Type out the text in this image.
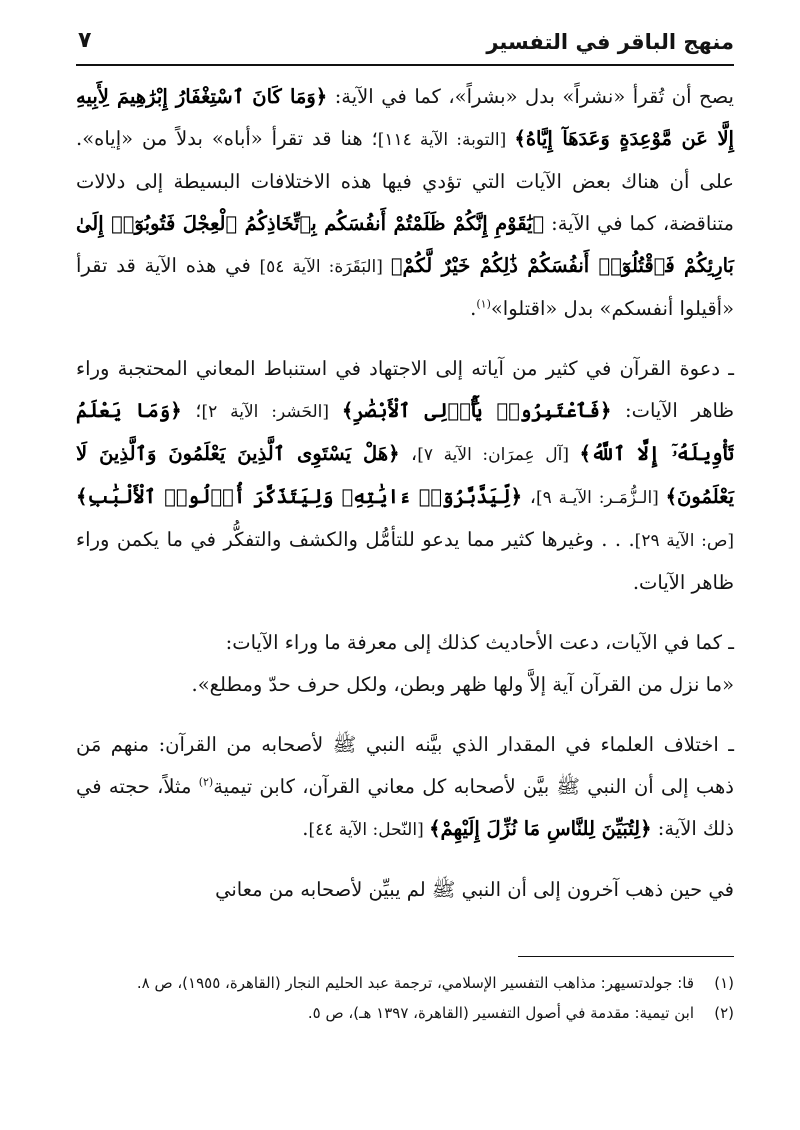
منهج الباقر في التفسير
٧

يصح أن تُقرأ «نشراً» بدل «بشراً»، كما في الآية: ﴿وَمَا كَانَ ٱسْتِغْفَارُ إِبْرَٰهِيمَ لِأَبِيهِ إِلَّا عَن مَّوْعِدَةٍ وَعَدَهَآ إِيَّاهُ﴾ [التوبة: الآية ١١٤]؛ هنا قد تقرأ «أباه» بدلاً من «إياه». على أن هناك بعض الآيات التي تؤدي فيها هذه الاختلافات البسيطة إلى دلالات متناقضة، كما في الآية: ﴿يَٰقَوْمِ إِنَّكُمْ ظَلَمْتُمْ أَنفُسَكُم بِٱتِّخَاذِكُمُ ٱلْعِجْلَ فَتُوبُوٓا۟ إِلَىٰ بَارِئِكُمْ فَٱقْتُلُوٓا۟ أَنفُسَكُمْ ذَٰلِكُمْ خَيْرٌ لَّكُمْ﴾ [البَقَرَة: الآية ٥٤] في هذه الآية قد تقرأ «أقيلوا أنفسكم» بدل «اقتلوا»$^{(١)}$.

ـ دعوة القرآن في كثير من آياته إلى الاجتهاد في استنباط المعاني المحتجبة وراء ظاهر الآيات: ﴿فَٱعْتَبِرُوا۟ يَٰٓأُو۟لِى ٱلْأَبْصَٰرِ﴾ [الحَشر: الآية ٢]؛ ﴿وَمَا يَعْلَمُ تَأْوِيلَهُۥٓ إِلَّا ٱللَّهُ﴾ [آل عِمرَان: الآية ٧]، ﴿هَلْ يَسْتَوِى ٱلَّذِينَ يَعْلَمُونَ وَٱلَّذِينَ لَا يَعْلَمُونَ﴾ [الـزُّمَـر: الآيـة ٩]، ﴿لِّيَدَّبَّرُوٓا۟ ءَايَٰتِهِۦ وَلِيَتَذَكَّرَ أُو۟لُوا۟ ٱلْأَلْبَٰبِ﴾ [ص: الآية ٢٩]. . . وغيرها كثير مما يدعو للتأمُّل والكشف والتفكُّر في ما يكمن وراء ظاهر الآيات.

ـ كما في الآيات، دعت الأحاديث كذلك إلى معرفة ما وراء الآيات:
«ما نزل من القرآن آية إلاَّ ولها ظهر وبطن، ولكل حرف حدّ ومطلع».

ـ اختلاف العلماء في المقدار الذي بيَّنه النبي ﷺ لأصحابه من القرآن: منهم مَن ذهب إلى أن النبي ﷺ بيَّن لأصحابه كل معاني القرآن، كابن تيمية$^{(٢)}$ مثلاً، حجته في ذلك الآية: ﴿لِتُبَيِّنَ لِلنَّاسِ مَا نُزِّلَ إِلَيْهِمْ﴾ [النّحل: الآية ٤٤].

في حين ذهب آخرون إلى أن النبي ﷺ لم يبيِّن لأصحابه من معاني

(١)
قا: جولدتسيهر: مذاهب التفسير الإسلامي، ترجمة عبد الحليم النجار (القاهرة، ١٩٥٥)، ص ٨.
(٢)
ابن تيمية: مقدمة في أصول التفسير (القاهرة، ١٣٩٧ هـ)، ص ٥.
